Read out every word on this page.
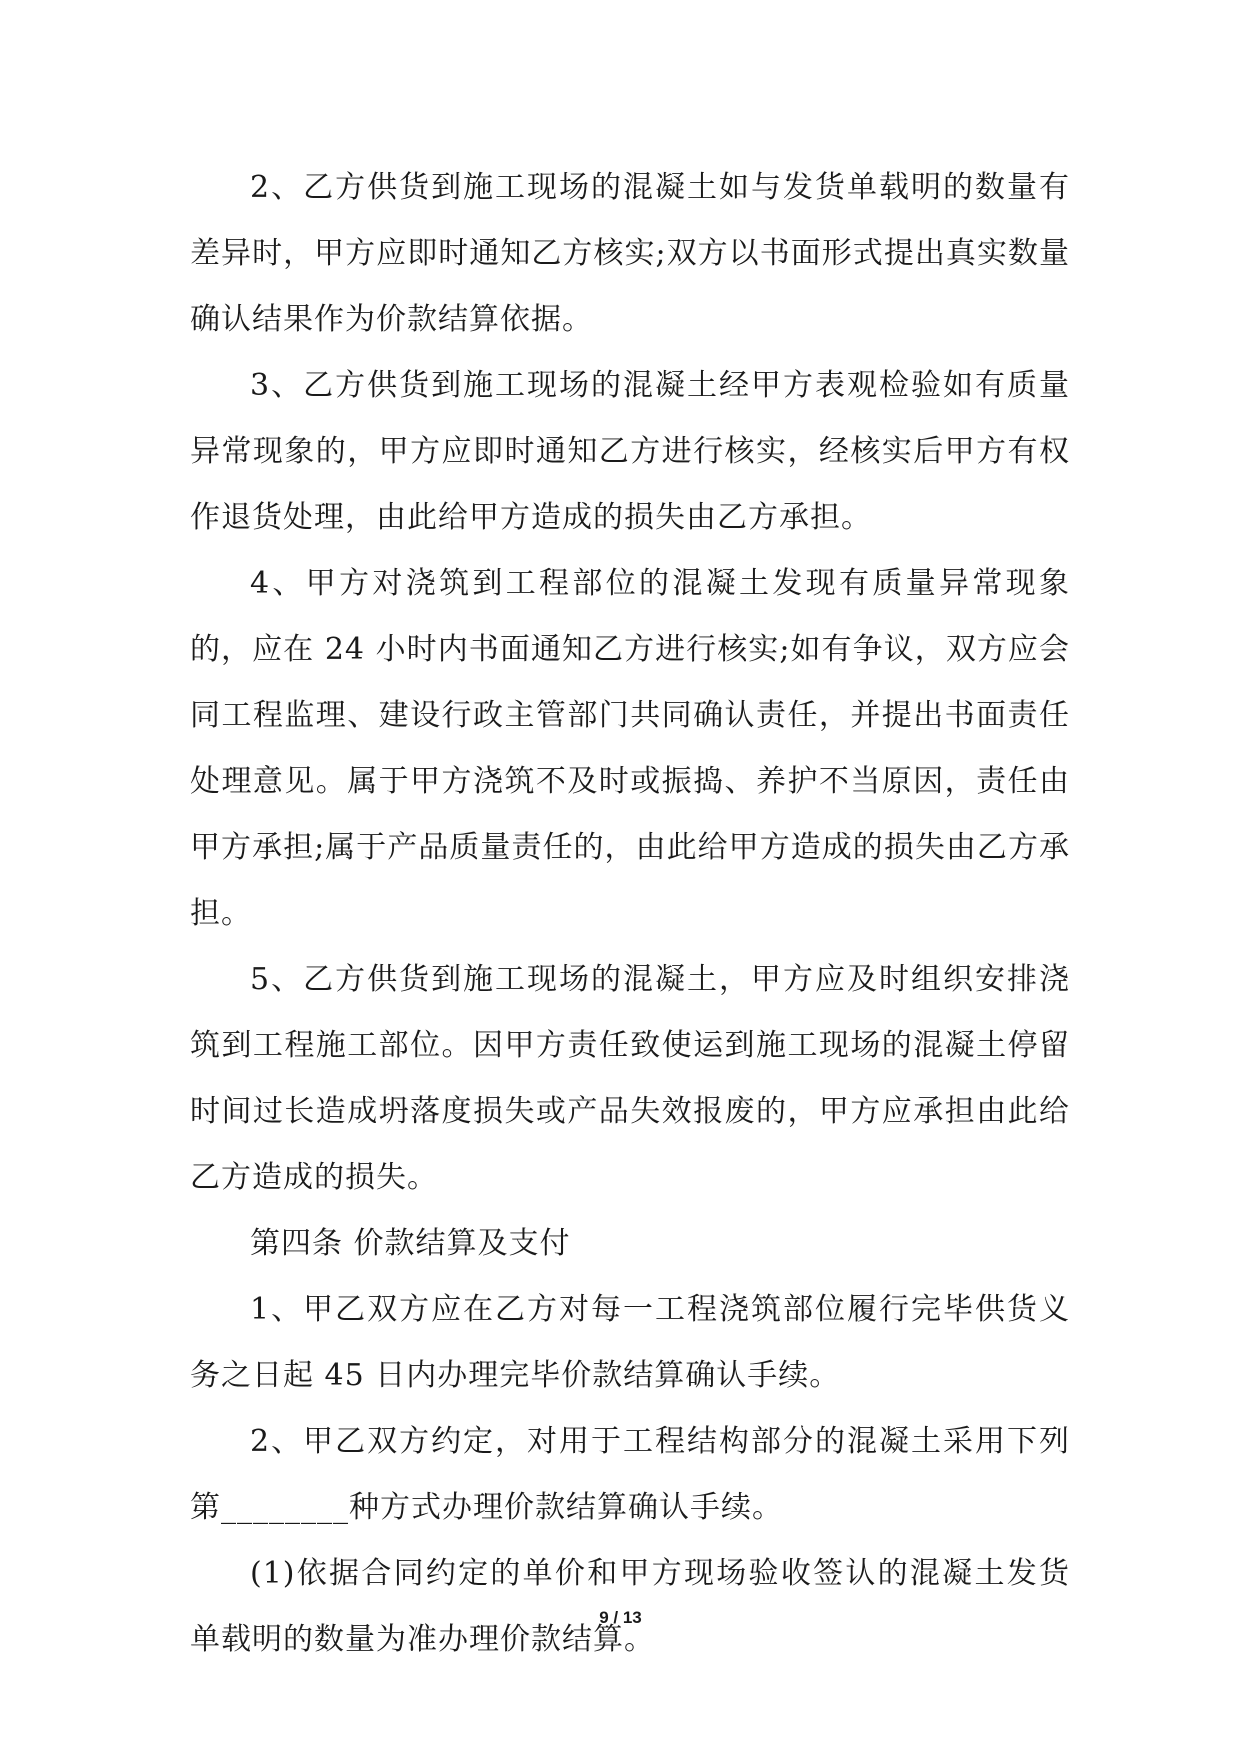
2、乙方供货到施工现场的混凝土如与发货单载明的数量有差异时，甲方应即时通知乙方核实;双方以书面形式提出真实数量确认结果作为价款结算依据。

3、乙方供货到施工现场的混凝土经甲方表观检验如有质量异常现象的，甲方应即时通知乙方进行核实，经核实后甲方有权作退货处理，由此给甲方造成的损失由乙方承担。

4、甲方对浇筑到工程部位的混凝土发现有质量异常现象的，应在 24 小时内书面通知乙方进行核实;如有争议，双方应会同工程监理、建设行政主管部门共同确认责任，并提出书面责任处理意见。属于甲方浇筑不及时或振捣、养护不当原因，责任由甲方承担;属于产品质量责任的，由此给甲方造成的损失由乙方承担。

5、乙方供货到施工现场的混凝土，甲方应及时组织安排浇筑到工程施工部位。因甲方责任致使运到施工现场的混凝土停留时间过长造成坍落度损失或产品失效报废的，甲方应承担由此给乙方造成的损失。

第四条 价款结算及支付

1、甲乙双方应在乙方对每一工程浇筑部位履行完毕供货义务之日起 45 日内办理完毕价款结算确认手续。

2、甲乙双方约定，对用于工程结构部分的混凝土采用下列第________种方式办理价款结算确认手续。

(1)依据合同约定的单价和甲方现场验收签认的混凝土发货单载明的数量为准办理价款结算。

9 / 13
